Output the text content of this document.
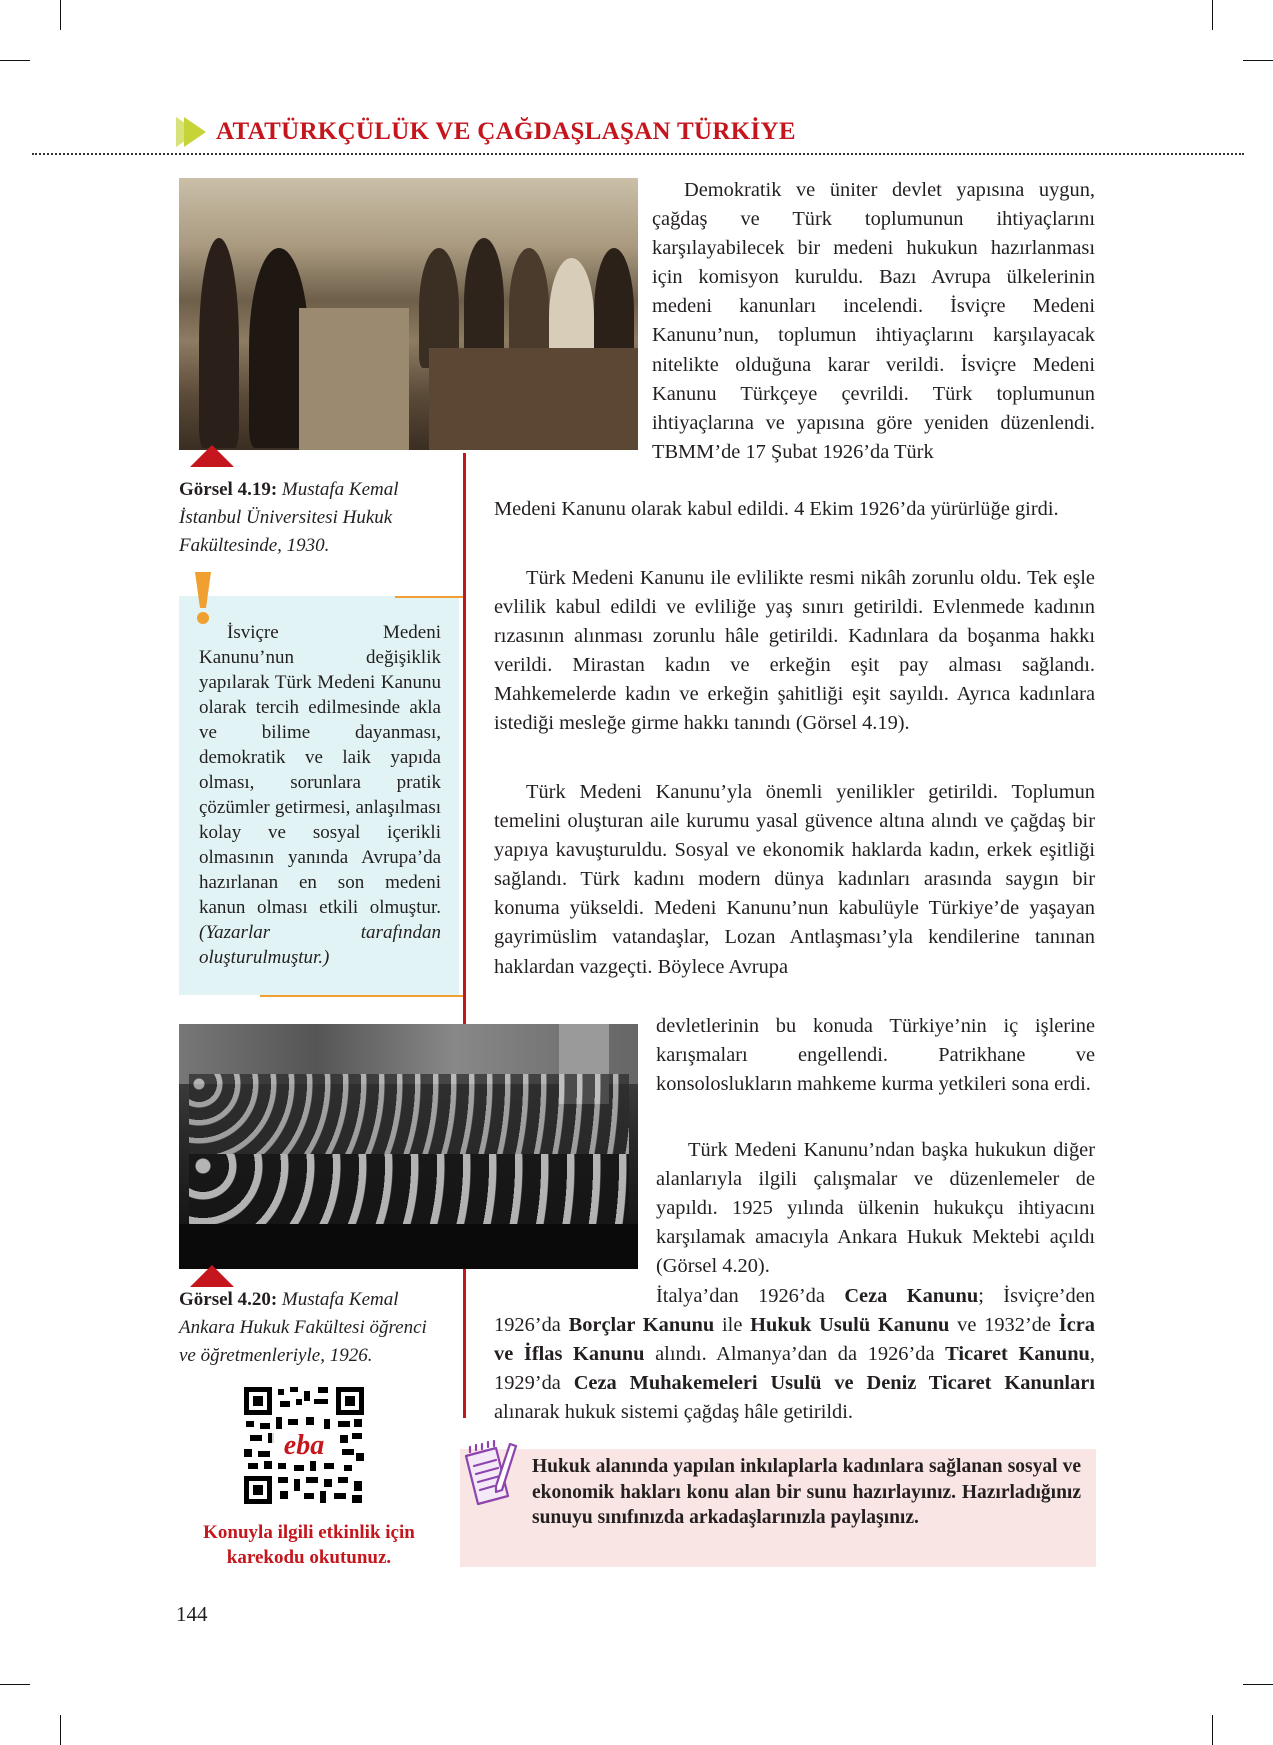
ATATÜRKÇÜLÜK VE ÇAĞDAŞLAŞAN TÜRKİYE
Görsel 4.19: Mustafa Kemal
İstanbul Üniversitesi Hukuk
Fakültesinde, 1930.
İsviçre Medeni Kanunu’nun değişiklik yapılarak Türk Medeni Kanunu olarak tercih edilmesinde akla ve bilime dayanması, demokratik ve laik yapıda olması, sorunlara pratik çözümler getirmesi, anlaşılması kolay ve sosyal içerikli olmasının yanında Avrupa’da hazırlanan en son medeni kanun olması etkili olmuştur. (Yazarlar tarafından oluşturulmuştur.)
Demokratik ve üniter devlet yapısına uygun, çağdaş ve Türk toplumunun ihtiyaçlarını karşılayabilecek bir medeni hukukun hazırlanması için komisyon kuruldu. Bazı Avrupa ülkelerinin medeni kanunları incelendi. İsviçre Medeni Kanunu’nun, toplumun ihtiyaçlarını karşılayacak nitelikte olduğuna karar verildi. İsviçre Medeni Kanunu Türkçeye çevrildi. Türk toplumunun ihtiyaçlarına ve yapısına göre yeniden düzenlendi. TBMM’de 17 Şubat 1926’da Türk
Medeni Kanunu olarak kabul edildi. 4 Ekim 1926’da yürürlüğe girdi.
Türk Medeni Kanunu ile evlilikte resmi nikâh zorunlu oldu. Tek eşle evlilik kabul edildi ve evliliğe yaş sınırı getirildi. Evlenmede kadının rızasının alınması zorunlu hâle getirildi. Kadınlara da boşanma hakkı verildi. Mirastan kadın ve erkeğin eşit pay alması sağlandı. Mahkemelerde kadın ve erkeğin şahitliği eşit sayıldı. Ayrıca kadınlara istediği mesleğe girme hakkı tanındı (Görsel 4.19).
Türk Medeni Kanunu’yla önemli yenilikler getirildi. Toplumun temelini oluşturan aile kurumu yasal güvence altına alındı ve çağdaş bir yapıya kavuşturuldu. Sosyal ve ekonomik haklarda kadın, erkek eşitliği sağlandı. Türk kadını modern dünya kadınları arasında saygın bir konuma yükseldi. Medeni Kanunu’nun kabulüyle Türkiye’de yaşayan gayrimüslim vatandaşlar, Lozan Antlaşması’yla kendilerine tanınan haklardan vazgeçti. Böylece Avrupa
devletlerinin bu konuda Türkiye’nin iç işlerine karışmaları engellendi. Patrikhane ve konsoloslukların mahkeme kurma yetkileri sona erdi.
Türk Medeni Kanunu’ndan başka hukukun diğer alanlarıyla ilgili çalışmalar ve düzenlemeler de yapıldı. 1925 yılında ülkenin hukukçu ihtiyacını karşılamak amacıyla Ankara Hukuk Mektebi açıldı (Görsel 4.20).
İtalya’dan 1926’da Ceza Kanunu; İsviçre’den 1926’da Borçlar Kanunu ile Hukuk Usulü Kanunu ve 1932’de İcra ve İflas Kanunu alındı. Almanya’dan da 1926’da Ticaret Kanunu, 1929’da Ceza Muhakemeleri Usulü ve Deniz Ticaret Kanunları alınarak hukuk sistemi çağdaş hâle getirildi.
Görsel 4.20: Mustafa Kemal
Ankara Hukuk Fakültesi öğrenci
ve öğretmenleriyle, 1926.
eba
Konuyla ilgili etkinlik için
karekodu okutunuz.
Hukuk alanında yapılan inkılaplarla kadınlara sağlanan sosyal ve ekonomik hakları konu alan bir sunu hazırlayınız. Hazırladığınız sunuyu sınıfınızda arkadaşlarınızla paylaşınız.
144
